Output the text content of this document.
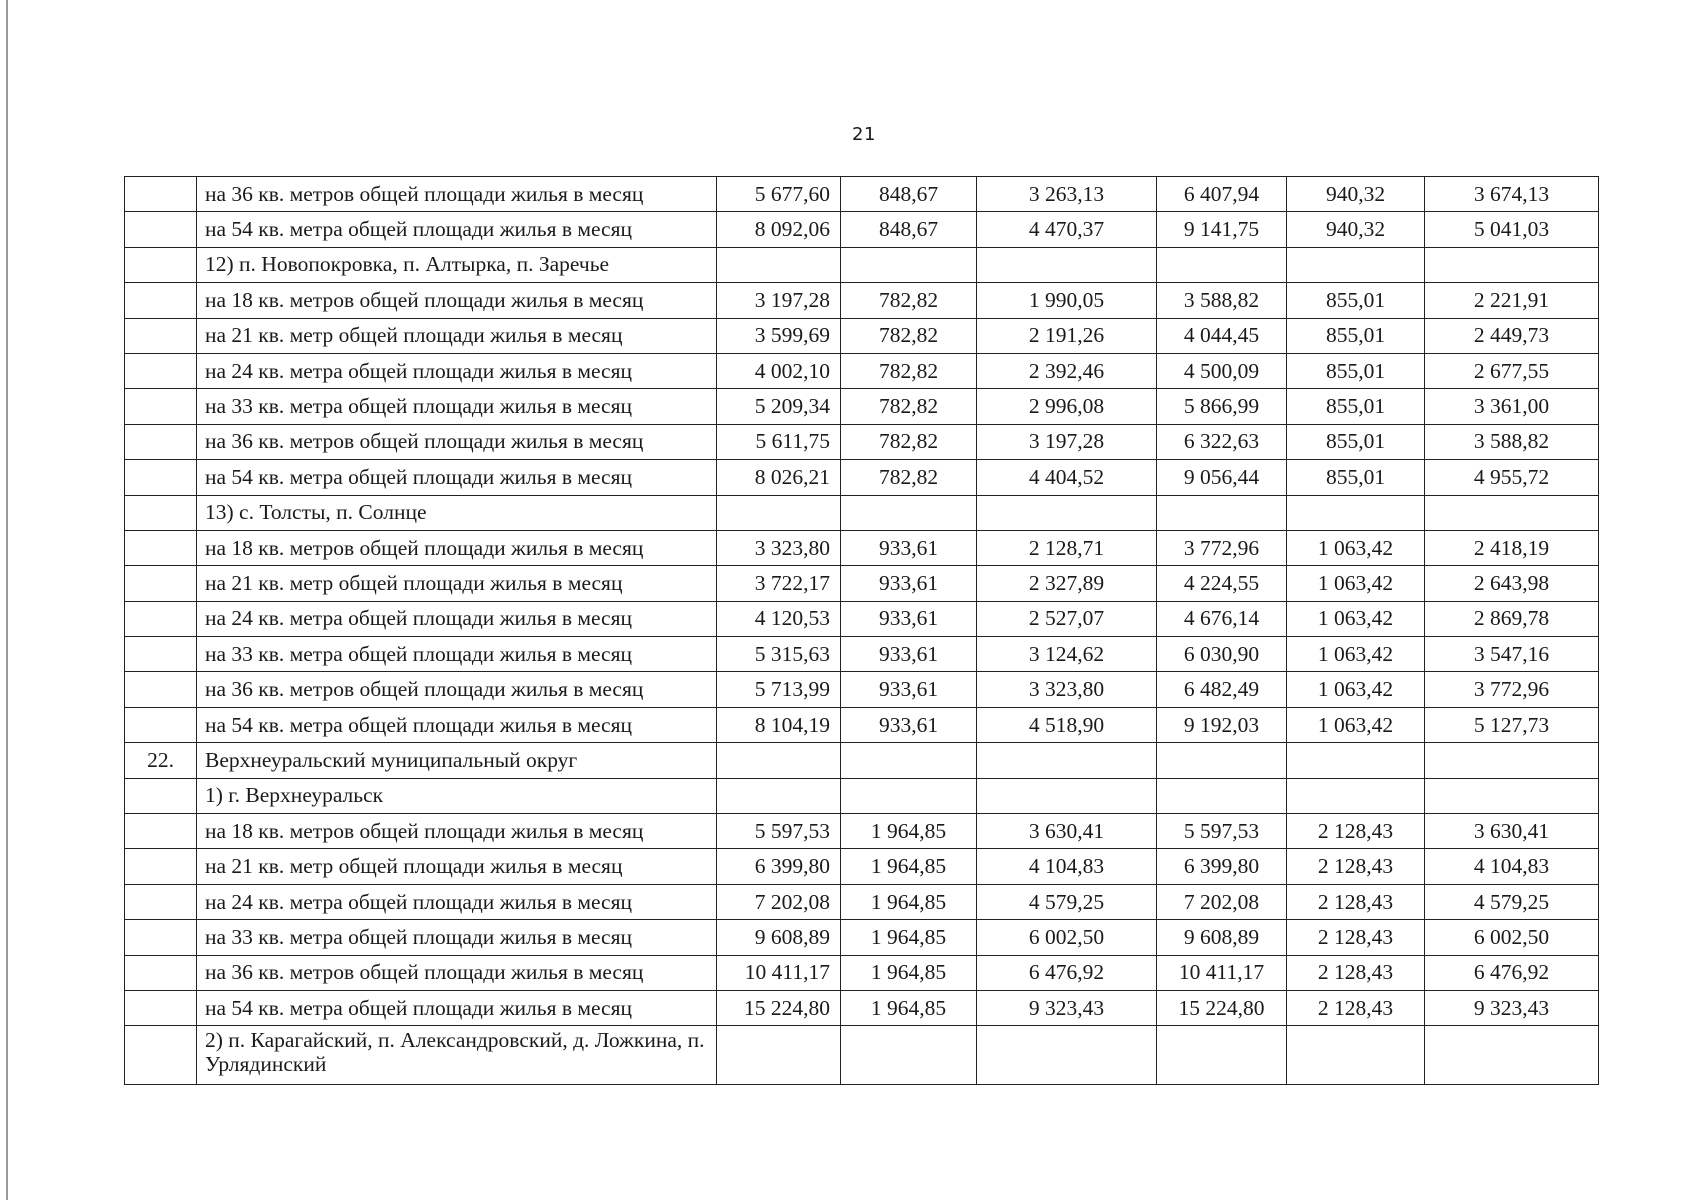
21
	на 36 кв. метров общей площади жилья в месяц	5 677,60	848,67	3 263,13	6 407,94	940,32	3 674,13
	на 54 кв. метра общей площади жилья в месяц	8 092,06	848,67	4 470,37	9 141,75	940,32	5 041,03
	12) п. Новопокровка, п. Алтырка, п. Заречье						
	на 18 кв. метров общей площади жилья в месяц	3 197,28	782,82	1 990,05	3 588,82	855,01	2 221,91
	на 21 кв. метр общей площади жилья в месяц	3 599,69	782,82	2 191,26	4 044,45	855,01	2 449,73
	на 24 кв. метра общей площади жилья в месяц	4 002,10	782,82	2 392,46	4 500,09	855,01	2 677,55
	на 33 кв. метра общей площади жилья в месяц	5 209,34	782,82	2 996,08	5 866,99	855,01	3 361,00
	на 36 кв. метров общей площади жилья в месяц	5 611,75	782,82	3 197,28	6 322,63	855,01	3 588,82
	на 54 кв. метра общей площади жилья в месяц	8 026,21	782,82	4 404,52	9 056,44	855,01	4 955,72
	13) с. Толсты, п. Солнце						
	на 18 кв. метров общей площади жилья в месяц	3 323,80	933,61	2 128,71	3 772,96	1 063,42	2 418,19
	на 21 кв. метр общей площади жилья в месяц	3 722,17	933,61	2 327,89	4 224,55	1 063,42	2 643,98
	на 24 кв. метра общей площади жилья в месяц	4 120,53	933,61	2 527,07	4 676,14	1 063,42	2 869,78
	на 33 кв. метра общей площади жилья в месяц	5 315,63	933,61	3 124,62	6 030,90	1 063,42	3 547,16
	на 36 кв. метров общей площади жилья в месяц	5 713,99	933,61	3 323,80	6 482,49	1 063,42	3 772,96
	на 54 кв. метра общей площади жилья в месяц	8 104,19	933,61	4 518,90	9 192,03	1 063,42	5 127,73
22.	Верхнеуральский муниципальный округ						
	1) г. Верхнеуральск						
	на 18 кв. метров общей площади жилья в месяц	5 597,53	1 964,85	3 630,41	5 597,53	2 128,43	3 630,41
	на 21 кв. метр общей площади жилья в месяц	6 399,80	1 964,85	4 104,83	6 399,80	2 128,43	4 104,83
	на 24 кв. метра общей площади жилья в месяц	7 202,08	1 964,85	4 579,25	7 202,08	2 128,43	4 579,25
	на 33 кв. метра общей площади жилья в месяц	9 608,89	1 964,85	6 002,50	9 608,89	2 128,43	6 002,50
	на 36 кв. метров общей площади жилья в месяц	10 411,17	1 964,85	6 476,92	10 411,17	2 128,43	6 476,92
	на 54 кв. метра общей площади жилья в месяц	15 224,80	1 964,85	9 323,43	15 224,80	2 128,43	9 323,43
	2) п. Карагайский, п. Александровский, д. Ложкина, п. Урлядинский						
